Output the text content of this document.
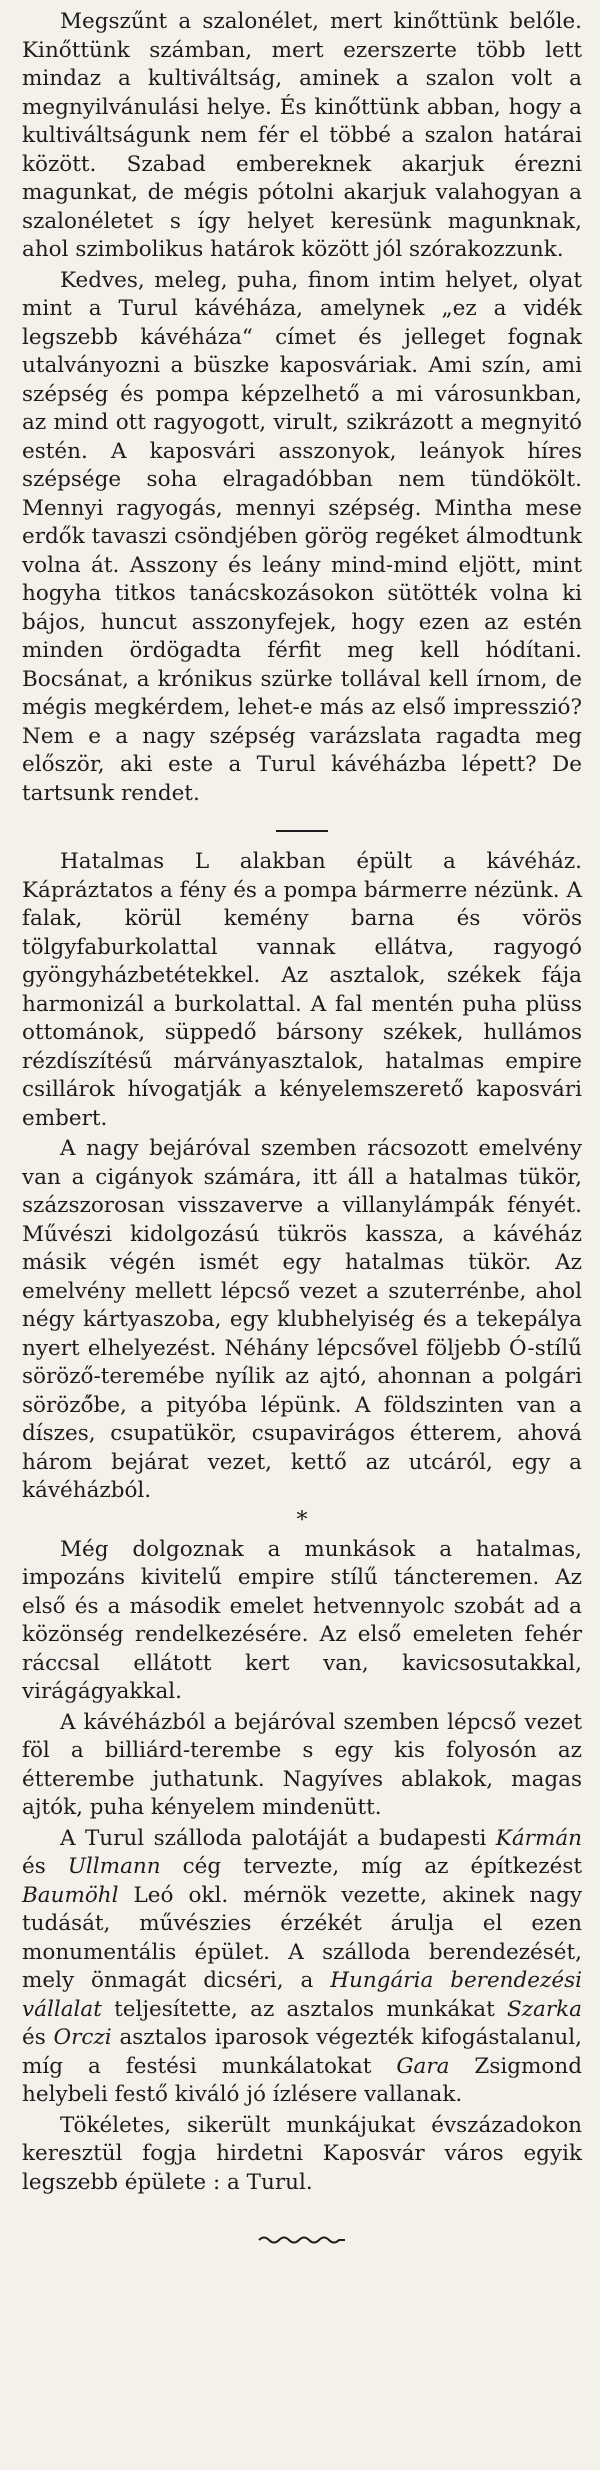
Megszűnt a szalonélet, mert kinőttünk belőle. Kinőttünk számban, mert ezerszerte több lett mindaz a kultiváltság, aminek a szalon volt a megnyilvánulási helye. És kinőttünk abban, hogy a kultiváltságunk nem fér el többé a szalon határai között. Szabad embereknek akarjuk érezni magunkat, de mégis pótolni akarjuk valahogyan a szalonéletet s így helyet keresünk magunknak, ahol szimbolikus határok között jól szórakozzunk.

Kedves, meleg, puha, finom intim helyet, olyat mint a Turul kávéháza, amelynek „ez a vidék legszebb kávéháza“ címet és jelleget fognak utalványozni a büszke kaposváriak. Ami szín, ami szépség és pompa képzelhető a mi városunkban, az mind ott ragyogott, virult, szikrázott a megnyitó estén. A kaposvári asszonyok, leányok híres szépsége soha elragadóbban nem tündökölt. Mennyi ragyogás, mennyi szépség. Mintha mese erdők tavaszi csöndjében görög regéket álmodtunk volna át. Asszony és leány mind-mind eljött, mint hogyha titkos tanácskozásokon sütötték volna ki bájos, huncut asszonyfejek, hogy ezen az estén minden ördögadta férfit meg kell hódítani. Bocsánat, a krónikus szürke tollával kell írnom, de mégis megkérdem, lehet-e más az első impresszió? Nem e a nagy szépség varázslata ragadta meg először, aki este a Turul kávéházba lépett? De tartsunk rendet.

Hatalmas L alakban épült a kávéház. Kápráztatos a fény és a pompa bármerre nézünk. A falak, körül kemény barna és vörös tölgyfaburkolattal vannak ellátva, ragyogó gyöngyházbetétekkel. Az asztalok, székek fája harmonizál a burkolattal. A fal mentén puha plüss ottománok, süppedő bársony székek, hullámos rézdíszítésű márványasztalok, hatalmas empire csillárok hívogatják a kényelemszerető kaposvári embert.

A nagy bejáróval szemben rácsozott emelvény van a cigányok számára, itt áll a hatalmas tükör, százszorosan visszaverve a villanylámpák fényét. Művészi kidolgozású tükrös kassza, a kávéház másik végén ismét egy hatalmas tükör. Az emelvény mellett lépcső vezet a szuterrénbe, ahol négy kártyaszoba, egy klubhelyiség és a tekepálya nyert elhelyezést. Néhány lépcsővel följebb Ó-stílű söröző-teremébe nyílik az ajtó, ahonnan a polgári söröző́be, a pityóba lépünk. A földszinten van a díszes, csupatükör, csupavirágos étterem, ahová három bejárat vezet, kettő az utcáról, egy a kávéházból.

*

Még dolgoznak a munkások a hatalmas, impozáns kivitelű empire stílű táncteremen. Az első és a második emelet hetvennyolc szobát ad a közönség rendelkezésére. Az első emeleten fehér ráccsal ellátott kert van, kavicsosutakkal, virágágyakkal.

A kávéházból a bejáróval szemben lépcső vezet föl a billiárd-terembe s egy kis folyosón az étterembe juthatunk. Nagyíves ablakok, magas ajtók, puha kényelem mindenütt.

A Turul szálloda palotáját a budapesti Kármán és Ullmann cég tervezte, míg az építkezést Baumöhl Leó okl. mérnök vezette, akinek nagy tudását, művészies érzékét árulja el ezen monumentális épület. A szálloda berendezését, mely önmagát dicséri, a Hungária berendezési vállalat teljesítette, az asztalos munkákat Szarka és Orczi asztalos iparosok végezték kifogástalanul, míg a festési munkálatokat Gara Zsigmond helybeli festő kiváló jó ízlésere vallanak.

Tökéletes, sikerült munkájukat évszázadokon keresztül fogja hirdetni Kaposvár város egyik legszebb épülete : a Turul.
